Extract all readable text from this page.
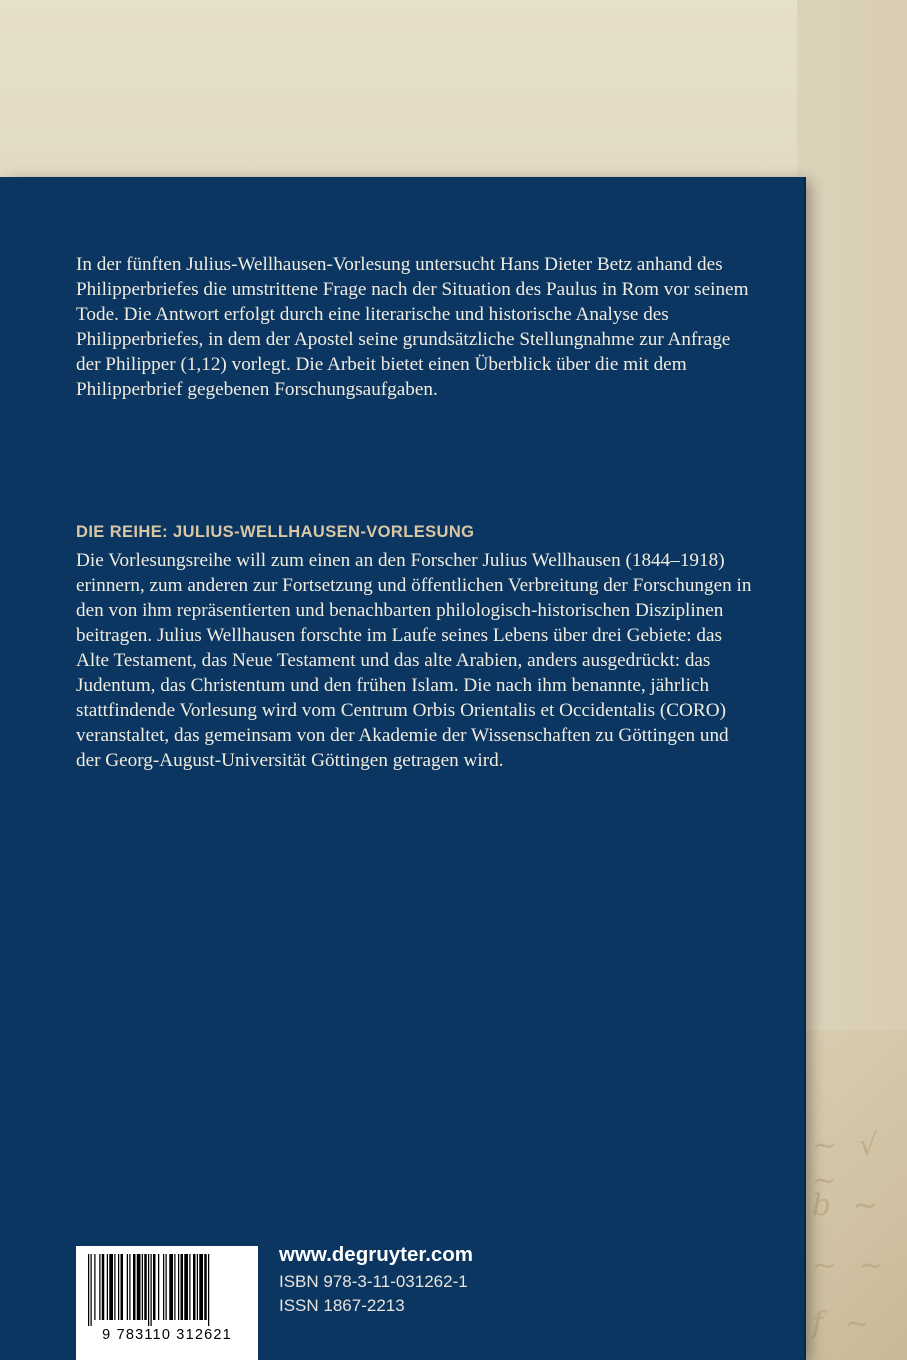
~ √ ~
b ~
~ ~
f ~

In der fünften Julius-Wellhausen-Vorlesung untersucht Hans Dieter Betz anhand des Philipperbriefes die umstrittene Frage nach der Situation des Paulus in Rom vor seinem Tode. Die Antwort erfolgt durch eine literarische und historische Analyse des Philipperbriefes, in dem der Apostel seine grundsätzliche Stellungnahme zur Anfrage der Philipper (1,12) vorlegt. Die Arbeit bietet einen Überblick über die mit dem Philipperbrief gegebenen Forschungsaufgaben.

DIE REIHE: JULIUS-WELLHAUSEN-VORLESUNG

Die Vorlesungsreihe will zum einen an den Forscher Julius Wellhausen (1844–1918) erinnern, zum anderen zur Fortsetzung und öffentlichen Verbreitung der Forschungen in den von ihm repräsentierten und benachbarten philologisch-historischen Disziplinen beitragen. Julius Wellhausen forschte im Laufe seines Lebens über drei Gebiete: das Alte Testament, das Neue Testament und das alte Arabien, anders ausgedrückt: das Judentum, das Christentum und den frühen Islam. Die nach ihm benannte, jährlich stattfindende Vorlesung wird vom Centrum Orbis Orientalis et Occidentalis (CORO) veranstaltet, das gemeinsam von der Akademie der Wissenschaften zu Göttingen und der Georg-August-Universität Göttingen getragen wird.

9 783110 312621

www.degruyter.com

ISBN 978-3-11-031262-1

ISSN 1867-2213
